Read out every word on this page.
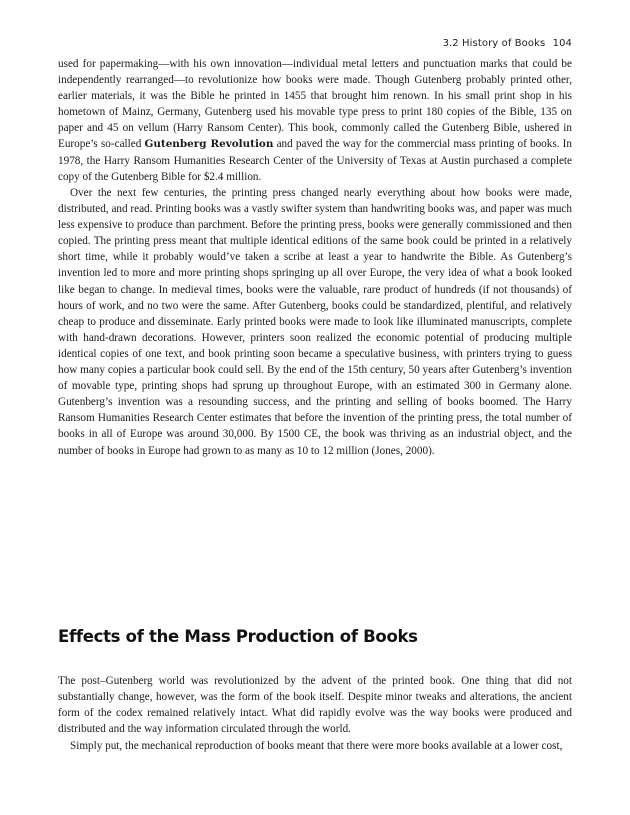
3.2 History of Books 104

used for papermaking—with his own innovation—individual metal letters and punctuation marks that could be independently rearranged—to revolutionize how books were made. Though Gutenberg probably printed other, earlier materials, it was the Bible he printed in 1455 that brought him renown. In his small print shop in his hometown of Mainz, Germany, Gutenberg used his movable type press to print 180 copies of the Bible, 135 on paper and 45 on vellum (Harry Ransom Center). This book, commonly called the Gutenberg Bible, ushered in Europe’s so-called Gutenberg Revolution and paved the way for the commercial mass printing of books. In 1978, the Harry Ransom Humanities Research Center of the University of Texas at Austin purchased a complete copy of the Gutenberg Bible for $2.4 million.

Over the next few centuries, the printing press changed nearly everything about how books were made, distributed, and read. Printing books was a vastly swifter system than handwriting books was, and paper was much less expensive to produce than parchment. Before the printing press, books were generally commissioned and then copied. The printing press meant that multiple identical editions of the same book could be printed in a relatively short time, while it probably would’ve taken a scribe at least a year to handwrite the Bible. As Gutenberg’s invention led to more and more printing shops springing up all over Europe, the very idea of what a book looked like began to change. In medieval times, books were the valuable, rare product of hundreds (if not thousands) of hours of work, and no two were the same. After Gutenberg, books could be standardized, plentiful, and relatively cheap to produce and disseminate. Early printed books were made to look like illuminated manuscripts, complete with hand-drawn decorations. However, printers soon realized the economic potential of producing multiple identical copies of one text, and book printing soon became a speculative business, with printers trying to guess how many copies a particular book could sell. By the end of the 15th century, 50 years after Gutenberg’s invention of movable type, printing shops had sprung up throughout Europe, with an estimated 300 in Germany alone. Gutenberg’s invention was a resounding success, and the printing and selling of books boomed. The Harry Ransom Humanities Research Center estimates that before the invention of the printing press, the total number of books in all of Europe was around 30,000. By 1500 CE, the book was thriving as an industrial object, and the number of books in Europe had grown to as many as 10 to 12 million (Jones, 2000).

Effects of the Mass Production of Books

The post–Gutenberg world was revolutionized by the advent of the printed book. One thing that did not substantially change, however, was the form of the book itself. Despite minor tweaks and alterations, the ancient form of the codex remained relatively intact. What did rapidly evolve was the way books were produced and distributed and the way information circulated through the world.

Simply put, the mechanical reproduction of books meant that there were more books available at a lower cost,
